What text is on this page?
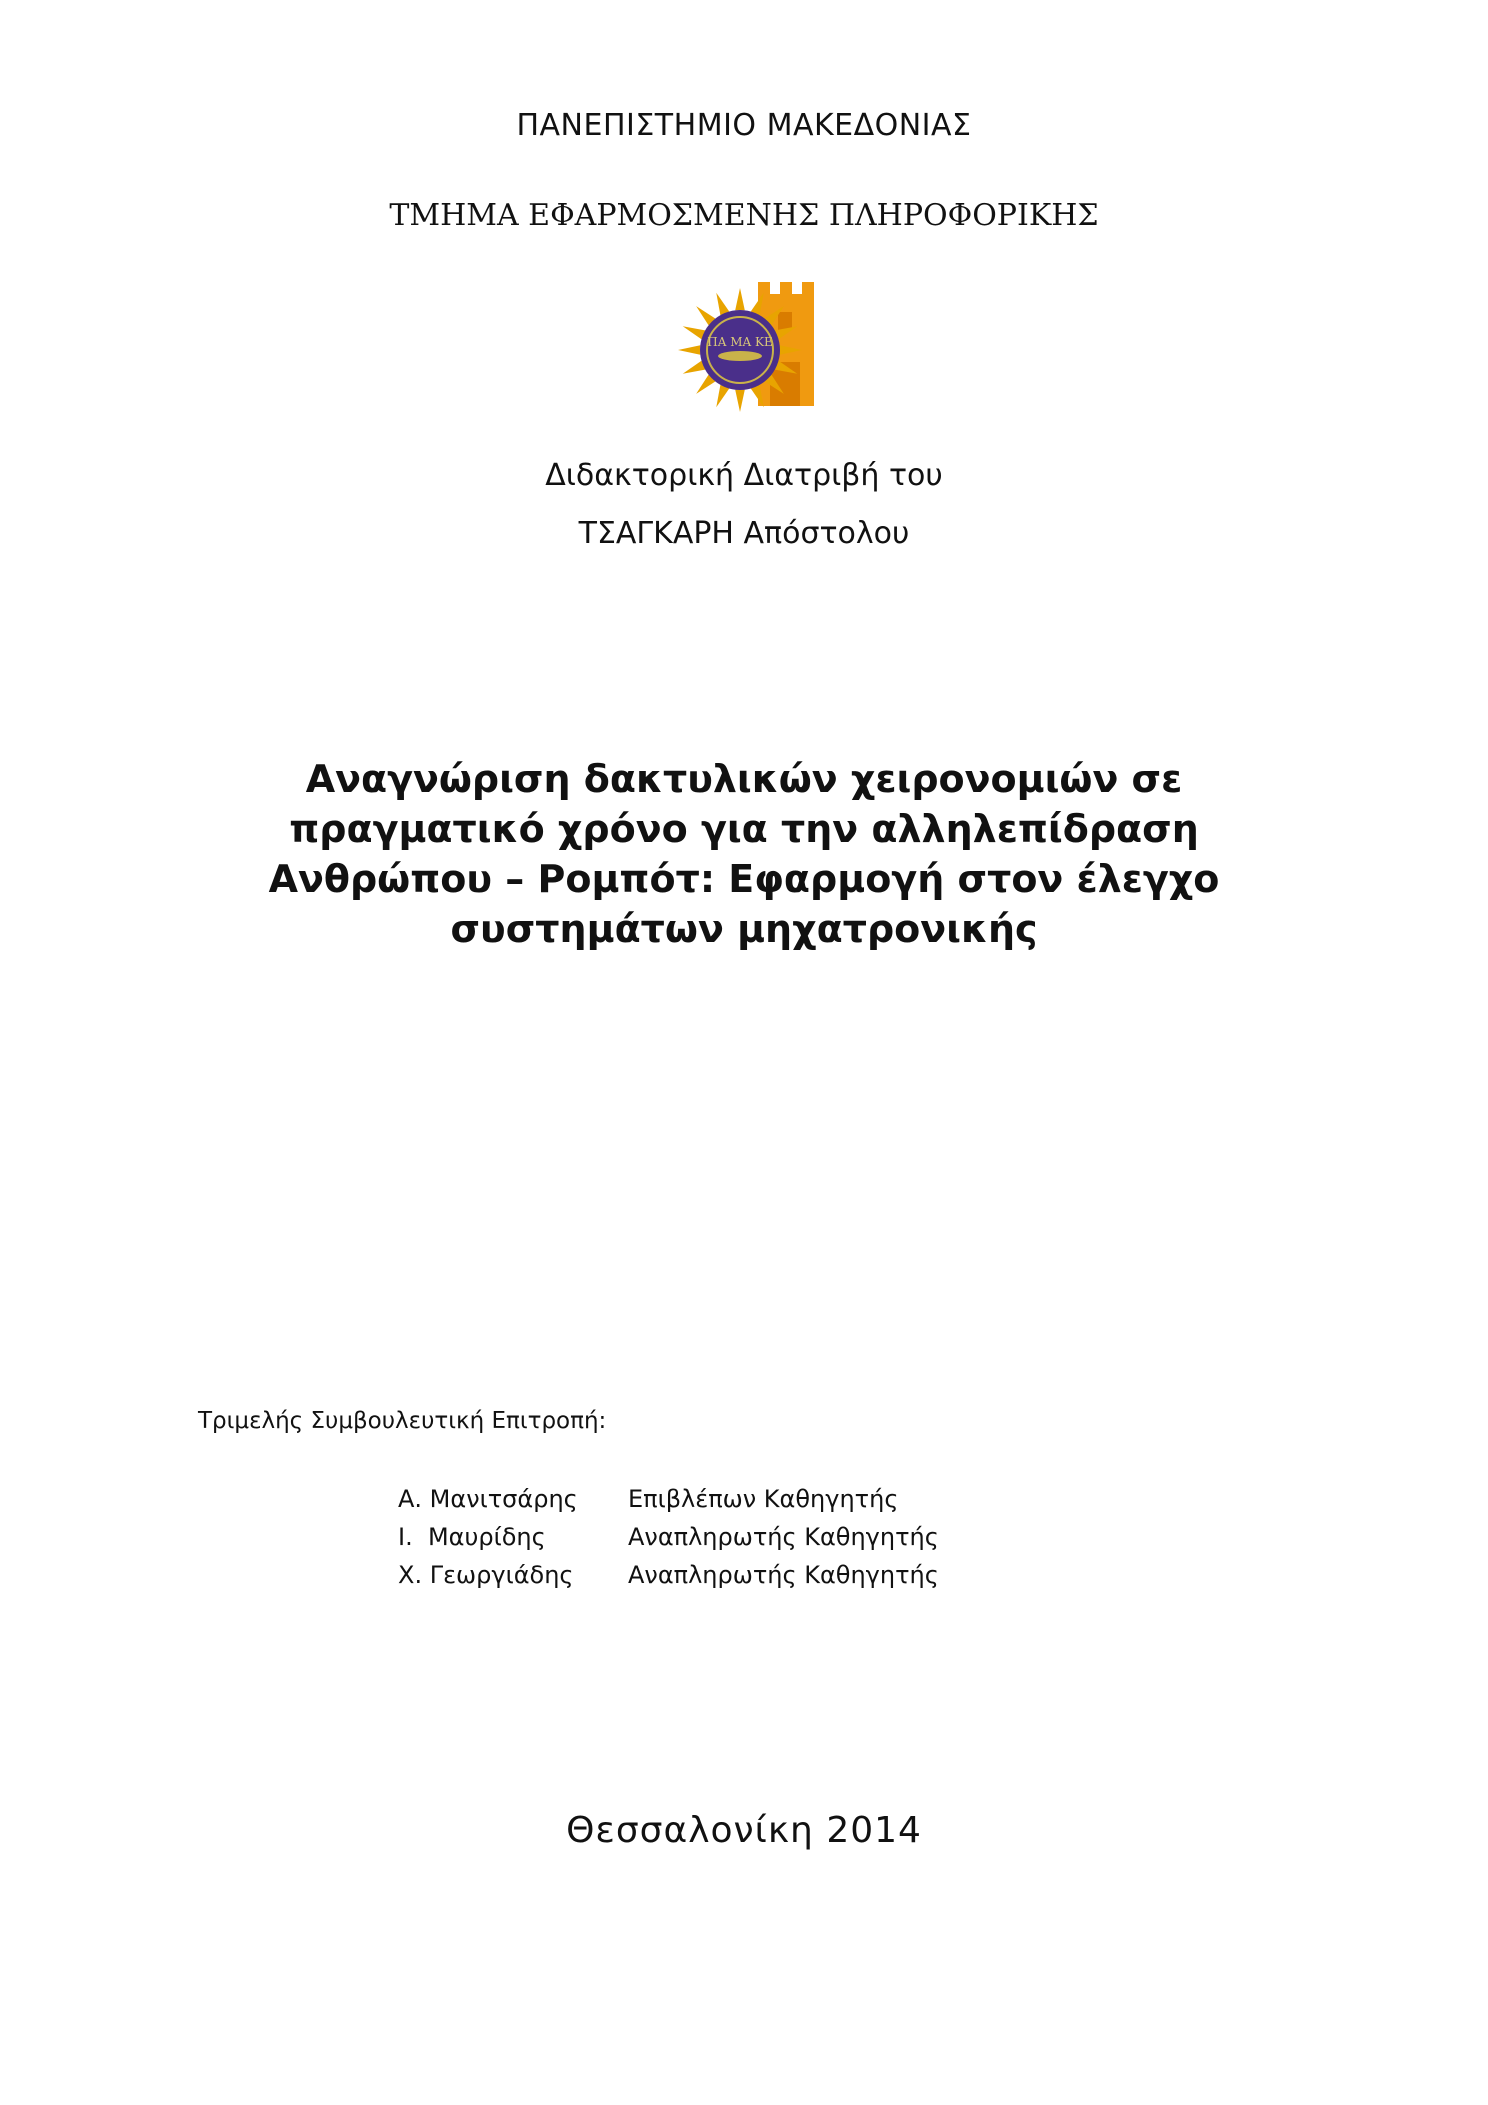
ΠΑΝΕΠΙΣΤΗΜΙΟ ΜΑΚΕΔΟΝΙΑΣ

ΤΜΗΜΑ ΕΦΑΡΜΟΣΜΕΝΗΣ ΠΛΗΡΟΦΟΡΙΚΗΣ

ΠΑ ΜΑ ΚΕ

Διδακτορική Διατριβή του

ΤΣΑΓΚΑΡΗ Απόστολου

Αναγνώριση δακτυλικών χειρονομιών σε
πραγματικό χρόνο για την αλληλεπίδραση
Ανθρώπου – Ρομπότ: Εφαρμογή στον έλεγχο
συστημάτων μηχατρονικής

Τριμελής Συμβουλευτική Επιτροπή:

Α. Μανιτσάρης	Επιβλέπων Καθηγητής
Ι.  Μαυρίδης	Αναπληρωτής Καθηγητής
Χ. Γεωργιάδης	Αναπληρωτής Καθηγητής

Θεσσαλονίκη 2014
